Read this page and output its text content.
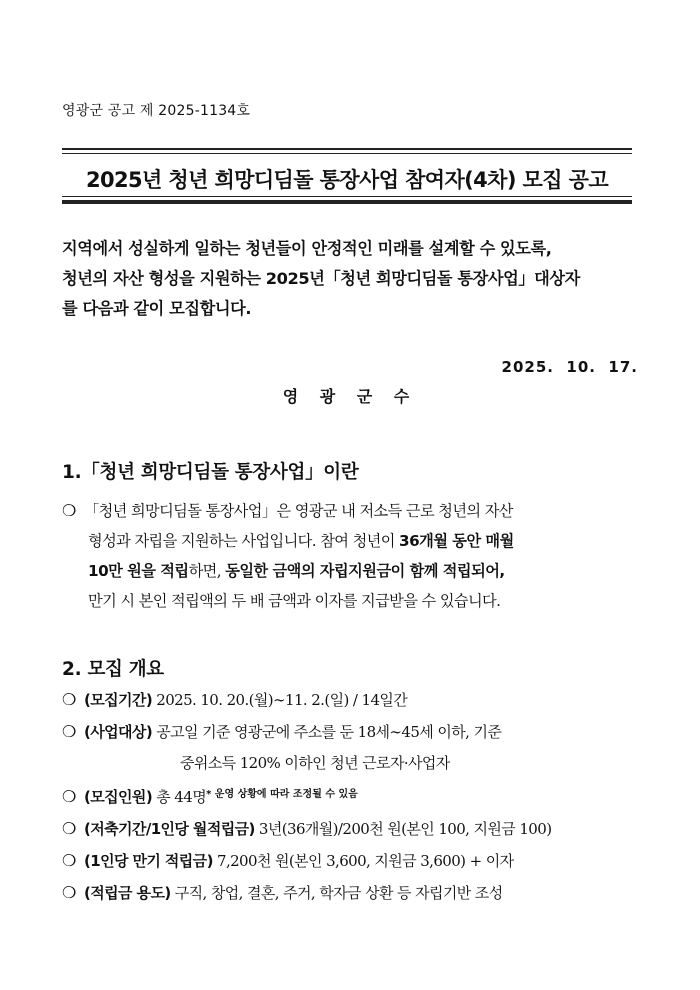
영광군 공고 제 2025-1134호
2025년 청년 희망디딤돌 통장사업 참여자(4차) 모집 공고
지역에서 성실하게 일하는 청년들이 안정적인 미래를 설계할 수 있도록,
청년의 자산 형성을 지원하는 2025년「청년 희망디딤돌 통장사업」대상자
를 다음과 같이 모집합니다.
2025.  10.  17.
영 광 군 수
1.「청년 희망디딤돌 통장사업」이란
❍ 「청년 희망디딤돌 통장사업」은 영광군 내 저소득 근로 청년의 자산
형성과 자립을 지원하는 사업입니다. 참여 청년이 36개월 동안 매월
10만 원을 적립하면, 동일한 금액의 자립지원금이 함께 적립되어,
만기 시 본인 적립액의 두 배 금액과 이자를 지급받을 수 있습니다.
2. 모집 개요
❍ (모집기간) 2025. 10. 20.(월)∼11. 2.(일) / 14일간
❍ (사업대상) 공고일 기준 영광군에 주소를 둔 18세∼45세 이하, 기준
중위소득 120% 이하인 청년 근로자·사업자
❍ (모집인원) 총 44명$^{* 운영 상황에 따라 조정될 수 있음}$
❍ (저축기간/1인당 월적립금) 3년(36개월)/200천 원(본인 100, 지원금 100)
❍ (1인당 만기 적립금) 7,200천 원(본인 3,600, 지원금 3,600) + 이자
❍ (적립금 용도) 구직, 창업, 결혼, 주거, 학자금 상환 등 자립기반 조성
